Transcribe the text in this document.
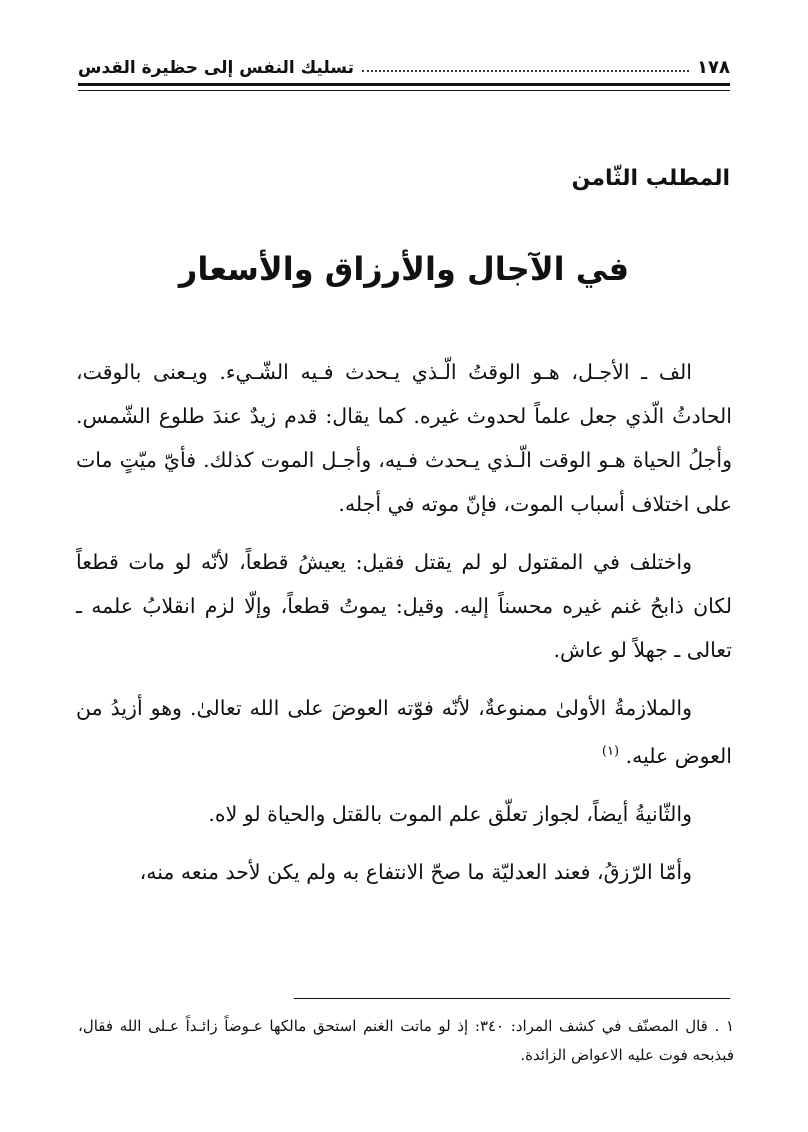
تسليك النفس إلى حظيرة القدس	١٧٨
المطلب الثّامن
في الآجال والأرزاق والأسعار

الف ـ الأجـل، هـو الوقتُ الّـذي يـحدث فـيه الشّـيء. ويـعنى بالوقت، الحادثُ الّذي جعل علماً لحدوث غيره. كما يقال: قدم زيدٌ عندَ طلوع الشّمس. وأجلُ الحياة هـو الوقت الّـذي يـحدث فـيه، وأجـل الموت كذلك. فأيّ ميّتٍ مات على اختلاف أسباب الموت، فإنّ موته في أجله.

واختلف في المقتول لو لم يقتل فقيل: يعيشُ قطعاً، لأنّه لو مات قطعاً لكان ذابحُ غنم غيره محسناً إليه. وقيل: يموتُ قطعاً، وإلّا لزم انقلابُ علمه ـ تعالى ـ جهلاً لو عاش.

والملازمةُ الأولىٰ ممنوعةٌ، لأنّه فوّته العوضَ على الله تعالىٰ. وهو أزيدُ من العوض عليه. $^{(١)}$

والثّانيةُ أيضاً، لجواز تعلّق علم الموت بالقتل والحياة لو لاه.

وأمّا الرّزقُ، فعند العدليّة ما صحّ الانتفاع به ولم يكن لأحد منعه منه،

١ . قال المصنّف في كشف المراد: ٣٤٠: إذ لو ماتت الغنم استحق مالكها عـوضاً زائـداً عـلى الله فقال، فبذبحه فوت عليه الاعواض الزائدة.
